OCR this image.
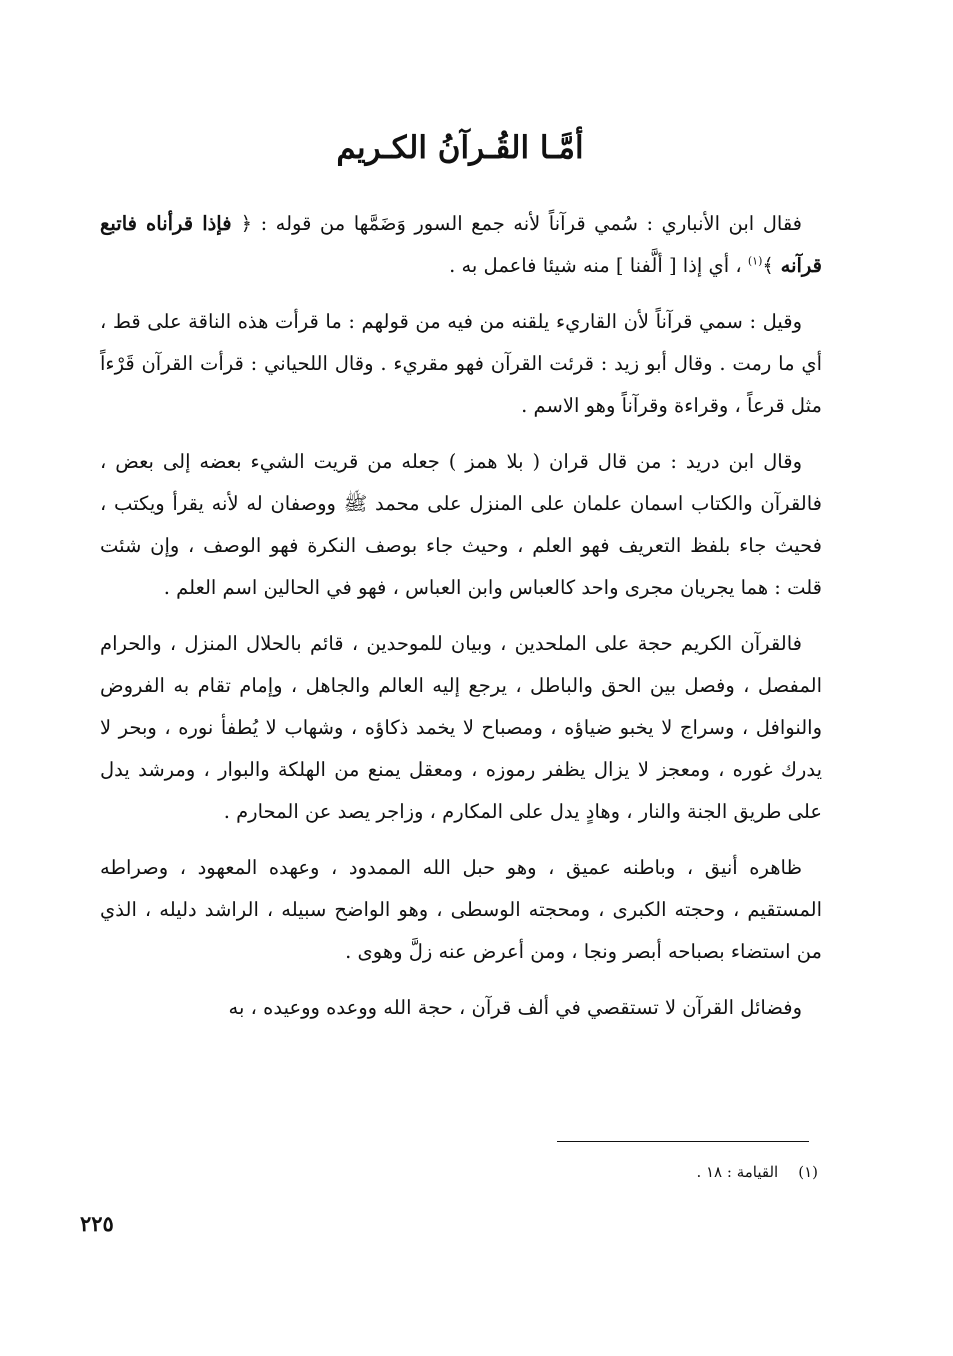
أمَّـا القُـرآنُ الكـريم

فقال ابن الأنباري : سُمي قرآناً لأنه جمع السور وَضَمَّها من قوله : ﴿ فإذا قرأناه فاتبع قرآنه ﴾$^{(١)}$ ، أي إذا [ ألَّفنا ] منه شيئا فاعمل به .

وقيل : سمي قرآناً لأن القاريء يلقنه من فيه من قولهم : ما قرأت هذه الناقة على قط ، أي ما رمت . وقال أبو زيد : قرئت القرآن فهو مقريء . وقال اللحياني : قرأت القرآن قَرْءاً مثل قرعاً ، وقراءة وقرآناً وهو الاسم .

وقال ابن دريد : من قال قران ( بلا همز ) جعله من قريت الشيء بعضه إلى بعض ، فالقرآن والكتاب اسمان علمان على المنزل على محمد ﷺ ووصفان له لأنه يقرأ ويكتب ، فحيث جاء بلفظ التعريف فهو العلم ، وحيث جاء بوصف النكرة فهو الوصف ، وإن شئت قلت : هما يجريان مجرى واحد كالعباس وابن العباس ، فهو في الحالين اسم العلم .

فالقرآن الكريم حجة على الملحدين ، وبيان للموحدين ، قائم بالحلال المنزل ، والحرام المفصل ، وفصل بين الحق والباطل ، يرجع إليه العالم والجاهل ، وإمام تقام به الفروض والنوافل ، وسراج لا يخبو ضياؤه ، ومصباح لا يخمد ذكاؤه ، وشهاب لا يُطفأ نوره ، وبحر لا يدرك غوره ، ومعجز لا يزال يظفر رموزه ، ومعقل يمنع من الهلكة والبوار ، ومرشد يدل على طريق الجنة والنار ، وهادٍ يدل على المكارم ، وزاجر يصد عن المحارم .

ظاهره أنيق ، وباطنه عميق ، وهو حبل الله الممدود ، وعهده المعهود ، وصراطه المستقيم ، وحجته الكبرى ، ومحجته الوسطى ، وهو الواضح سبيله ، الراشد دليله ، الذي من استضاء بصباحه أبصر ونجا ، ومن أعرض عنه زلَّ وهوى .

وفضائل القرآن لا تستقصي في ألف قرآن ، حجة الله ووعده ووعيده ، به

(١)القيامة : ١٨ .
٢٢٥
